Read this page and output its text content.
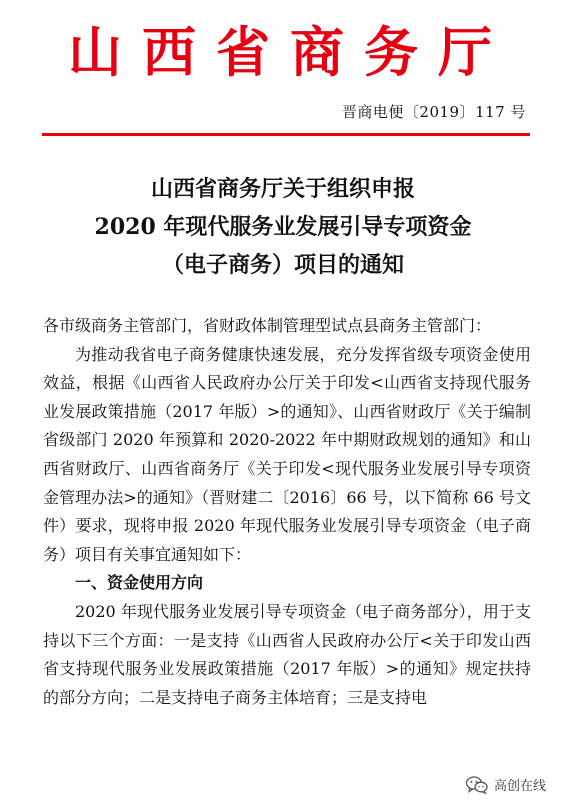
山西省商务厅
晋商电便〔2019〕117 号
山西省商务厅关于组织申报
2020 年现代服务业发展引导专项资金
（电子商务）项目的通知

各市级商务主管部门，省财政体制管理型试点县商务主管部门：

为推动我省电子商务健康快速发展，充分发挥省级专项资金使用效益，根据《山西省人民政府办公厅关于印发<山西省支持现代服务业发展政策措施（2017 年版）>的通知》、山西省财政厅《关于编制省级部门 2020 年预算和 2020-2022 年中期财政规划的通知》和山西省财政厅、山西省商务厅《关于印发<现代服务业发展引导专项资金管理办法>的通知》（晋财建二〔2016〕66 号，以下简称 66 号文件）要求，现将申报 2020 年现代服务业发展引导专项资金（电子商务）项目有关事宜通知如下：

一、资金使用方向

2020 年现代服务业发展引导专项资金（电子商务部分），用于支持以下三个方面：一是支持《山西省人民政府办公厅<关于印发山西省支持现代服务业发展政策措施（2017 年版）>的通知》规定扶持的部分方向；二是支持电子商务主体培育；三是支持电

高创在线
